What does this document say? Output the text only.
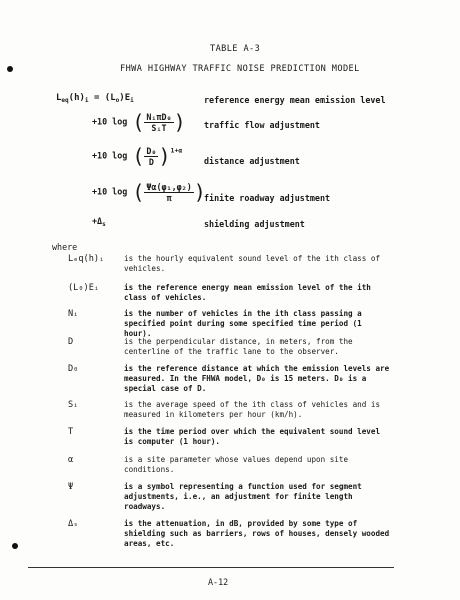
TABLE A-3
FHWA HIGHWAY TRAFFIC NOISE PREDICTION MODEL
$L_{eq}(h)_i = (L_o)E_i$	reference energy mean emission level
+10 log ( $\frac{\text{NᵢπD₀}}{\text{SᵢT}}$ ) traffic flow adjustment
+10 log ( $\frac{\text{D₀}}{D} )^{1+\alpha}$
distance adjustment
+10 log ( $\frac{\text{Ψα(φ₁,φ₂)}}{\pi}$ )
finite roadway adjustment
$+\Delta_s$	shielding adjustment
where
Lₑq(h)ᵢ	is the hourly equivalent sound level of the ith class of vehicles.
(L₀)Eᵢ	is the reference energy mean emission level of the ith class of vehicles.
Nᵢ	is the number of vehicles in the ith class passing a specified point during some specified time period (1 hour).
D	is the perpendicular distance, in meters, from the centerline of the traffic lane to the observer.
D₀	is the reference distance at which the emission levels are measured. In the FHWA model, D₀ is 15 meters. D₀ is a special case of D.
Sᵢ	is the average speed of the ith class of vehicles and is measured in kilometers per hour (km/h).
T	is the time period over which the equivalent sound level is computer (1 hour).
α	is a site parameter whose values depend upon site conditions.
Ψ	is a symbol representing a function used for segment adjustments, i.e., an adjustment for finite length roadways.
Δₛ	is the attenuation, in dB, provided by some type of shielding such as barriers, rows of houses, densely wooded areas, etc.
A-12
